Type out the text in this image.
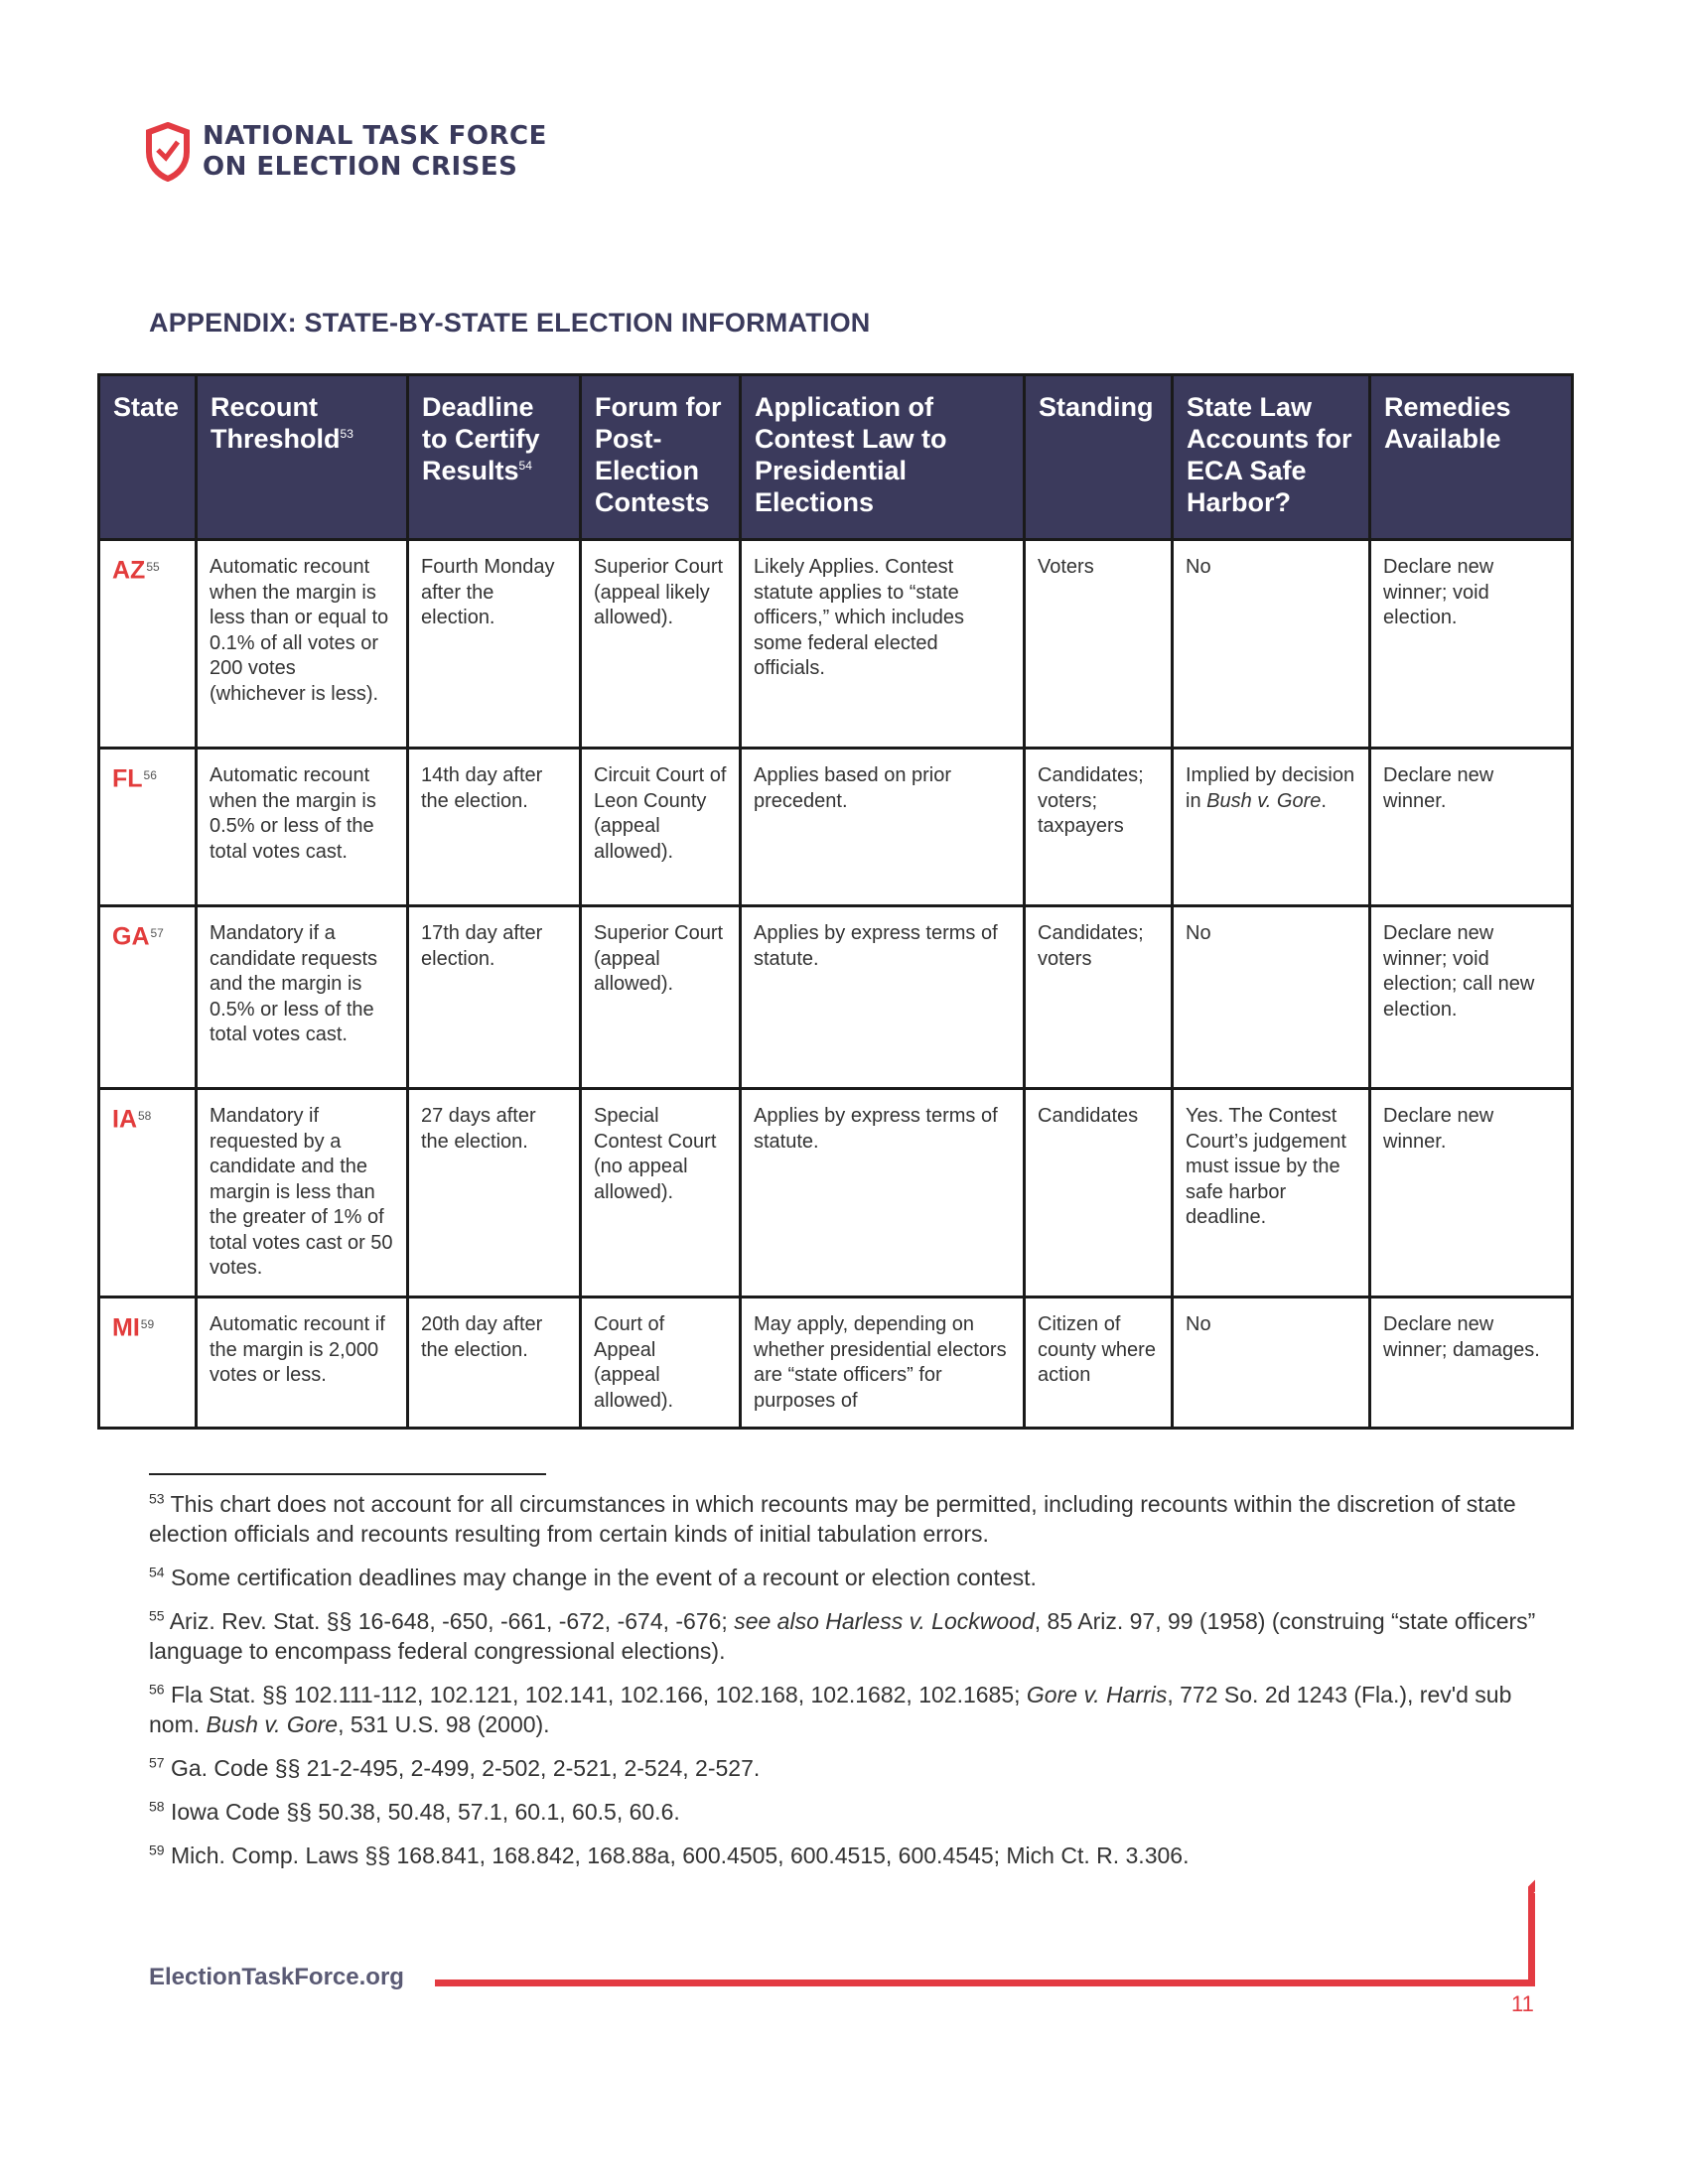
NATIONAL TASK FORCE
ON ELECTION CRISES
APPENDIX: STATE-BY-STATE ELECTION INFORMATION
State	Recount Threshold$^{53}$	Deadline to Certify Results$^{54}$	Forum for Post-Election Contests	Application of Contest Law to Presidential Elections	Standing	State Law Accounts for ECA Safe Harbor?	Remedies Available
AZ$^{55}$	Automatic recount when the margin is less than or equal to 0.1% of all votes or 200 votes (whichever is less).	Fourth Monday after the election.	Superior Court (appeal likely allowed).	Likely Applies. Contest statute applies to “state officers,” which includes some federal elected officials.	Voters	No	Declare new winner; void election.
FL$^{56}$	Automatic recount when the margin is 0.5% or less of the total votes cast.	14th day after the election.	Circuit Court of Leon County (appeal allowed).	Applies based on prior precedent.	Candidates; voters; taxpayers	Implied by decision in Bush v. Gore.	Declare new winner.
GA$^{57}$	Mandatory if a candidate requests and the margin is 0.5% or less of the total votes cast.	17th day after election.	Superior Court (appeal allowed).	Applies by express terms of statute.	Candidates; voters	No	Declare new winner; void election; call new election.
IA$^{58}$	Mandatory if requested by a candidate and the margin is less than the greater of 1% of total votes cast or 50 votes.	27 days after the election.	Special Contest Court (no appeal allowed).	Applies by express terms of statute.	Candidates	Yes. The Contest Court’s judgement must issue by the safe harbor deadline.	Declare new winner.
MI$^{59}$	Automatic recount if the margin is 2,000 votes or less.	20th day after the election.	Court of Appeal (appeal allowed).	May apply, depending on whether presidential electors are “state officers” for purposes of	Citizen of county where action	No	Declare new winner; damages.
$^{53}$ This chart does not account for all circumstances in which recounts may be permitted, including recounts within the discretion of state election officials and recounts resulting from certain kinds of initial tabulation errors.
$^{54}$ Some certification deadlines may change in the event of a recount or election contest.
$^{55}$ Ariz. Rev. Stat. §§ 16-648, -650, -661, -672, -674, -676; see also Harless v. Lockwood, 85 Ariz. 97, 99 (1958) (construing “state officers” language to encompass federal congressional elections).
$^{56}$ Fla Stat. §§ 102.111-112, 102.121, 102.141, 102.166, 102.168, 102.1682, 102.1685; Gore v. Harris, 772 So. 2d 1243 (Fla.), rev'd sub nom. Bush v. Gore, 531 U.S. 98 (2000).
$^{57}$ Ga. Code §§ 21-2-495, 2-499, 2-502, 2-521, 2-524, 2-527.
$^{58}$ Iowa Code §§ 50.38, 50.48, 57.1, 60.1, 60.5, 60.6.
$^{59}$ Mich. Comp. Laws §§ 168.841, 168.842, 168.88a, 600.4505, 600.4515, 600.4545; Mich Ct. R. 3.306.
ElectionTaskForce.org
11
